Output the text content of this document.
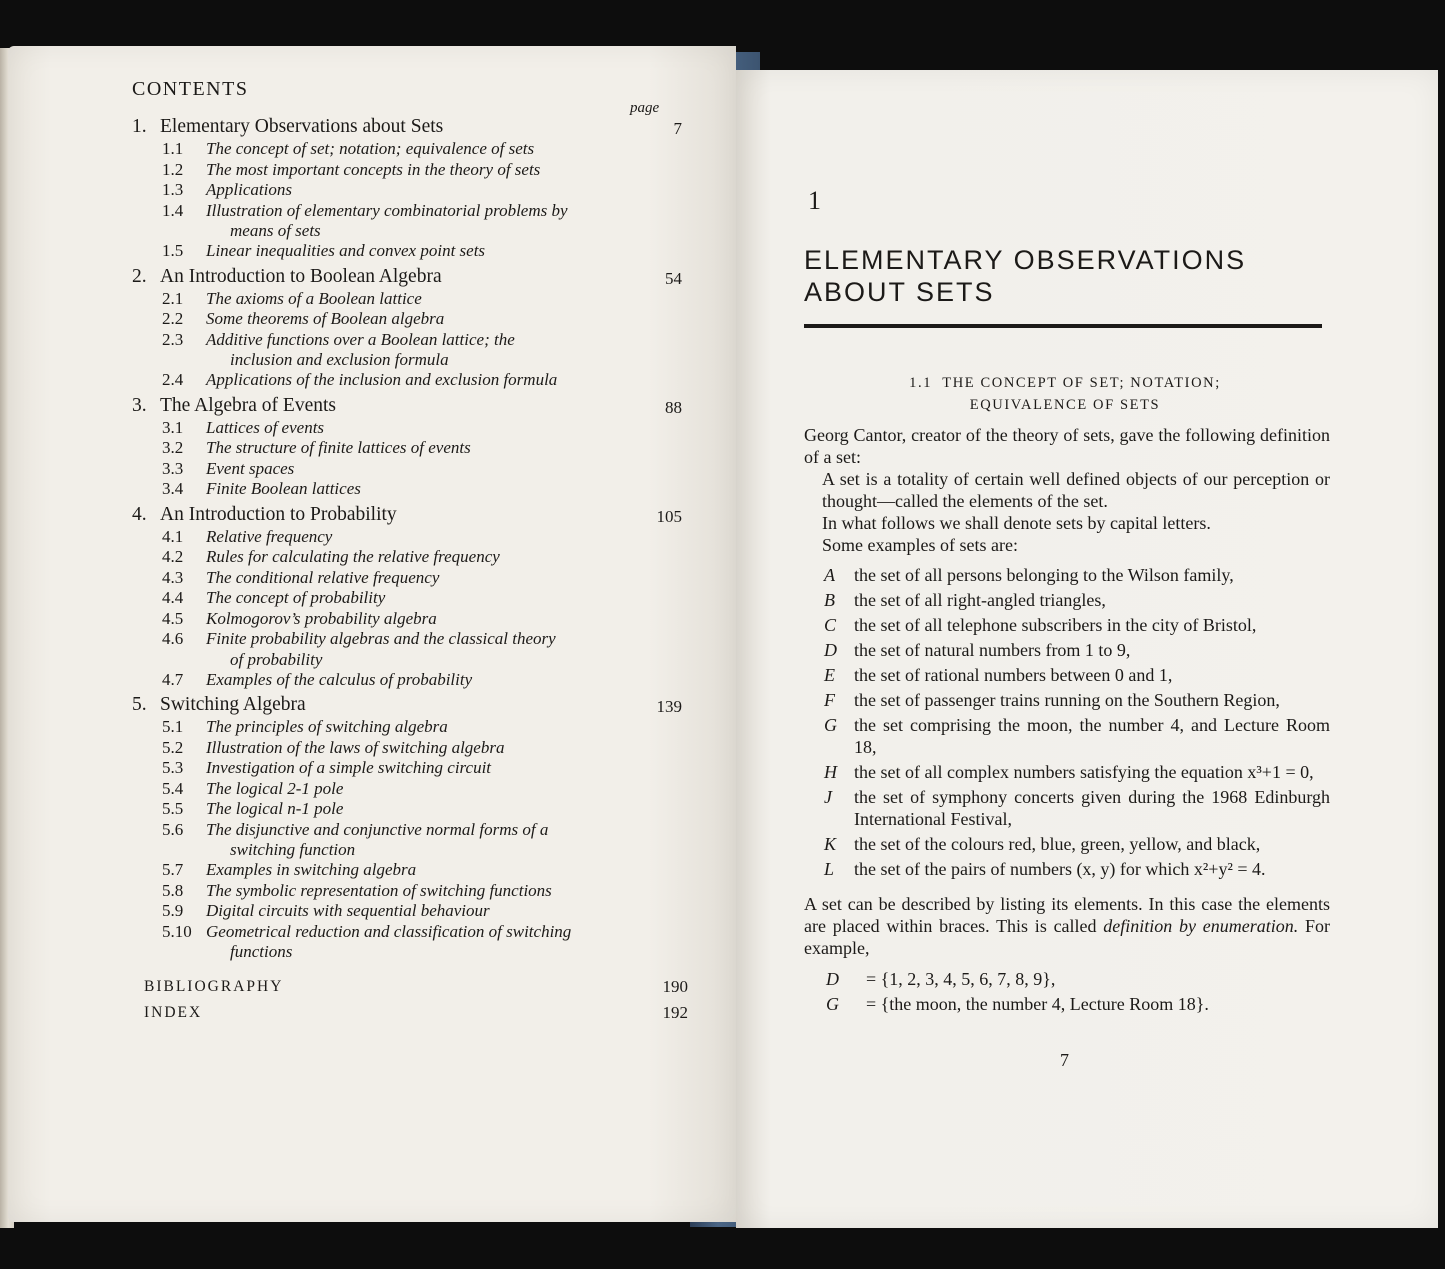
CONTENTS
page
1. Elementary Observations about Sets	7
1.1 The concept of set; notation; equivalence of sets
1.2 The most important concepts in the theory of sets
1.3 Applications
1.4 Illustration of elementary combinatorial problems by
means of sets
1.5 Linear inequalities and convex point sets
2. An Introduction to Boolean Algebra	54
2.1 The axioms of a Boolean lattice
2.2 Some theorems of Boolean algebra
2.3 Additive functions over a Boolean lattice; the
inclusion and exclusion formula
2.4 Applications of the inclusion and exclusion formula
3. The Algebra of Events	88
3.1 Lattices of events
3.2 The structure of finite lattices of events
3.3 Event spaces
3.4 Finite Boolean lattices
4. An Introduction to Probability	105
4.1 Relative frequency
4.2 Rules for calculating the relative frequency
4.3 The conditional relative frequency
4.4 The concept of probability
4.5 Kolmogorov’s probability algebra
4.6 Finite probability algebras and the classical theory
of probability
4.7 Examples of the calculus of probability
5. Switching Algebra	139
5.1 The principles of switching algebra
5.2 Illustration of the laws of switching algebra
5.3 Investigation of a simple switching circuit
5.4 The logical 2-1 pole
5.5 The logical n-1 pole
5.6 The disjunctive and conjunctive normal forms of a
switching function
5.7 Examples in switching algebra
5.8 The symbolic representation of switching functions
5.9 Digital circuits with sequential behaviour
5.10 Geometrical reduction and classification of switching
functions
BIBLIOGRAPHY	190
INDEX	192
1
ELEMENTARY OBSERVATIONS
ABOUT SETS
1.1 THE CONCEPT OF SET; NOTATION;
EQUIVALENCE OF SETS

Georg Cantor, creator of the theory of sets, gave the following definition of a set:

A set is a totality of certain well defined objects of our perception or thought—called the elements of the set.

In what follows we shall denote sets by capital letters.

Some examples of sets are:

A	the set of all persons belonging to the Wilson family,
B	the set of all right-angled triangles,
C the set of all telephone subscribers in the city of Bristol,
D the set of natural numbers from 1 to 9,
E	the set of rational numbers between 0 and 1,
F	the set of passenger trains running on the Southern Region,
G the set comprising the moon, the number 4, and Lecture Room 18,
H the set of all complex numbers satisfying the equation x³+1 = 0,
J	the set of symphony concerts given during the 1968 Edinburgh International Festival,
K the set of the colours red, blue, green, yellow, and black,
L	the set of the pairs of numbers (x, y) for which x²+y² = 4.

A set can be described by listing its elements. In this case the elements are placed within braces. This is called definition by enumeration. For example,

D	= {1, 2, 3, 4, 5, 6, 7, 8, 9},
G	= {the moon, the number 4, Lecture Room 18}.
7
